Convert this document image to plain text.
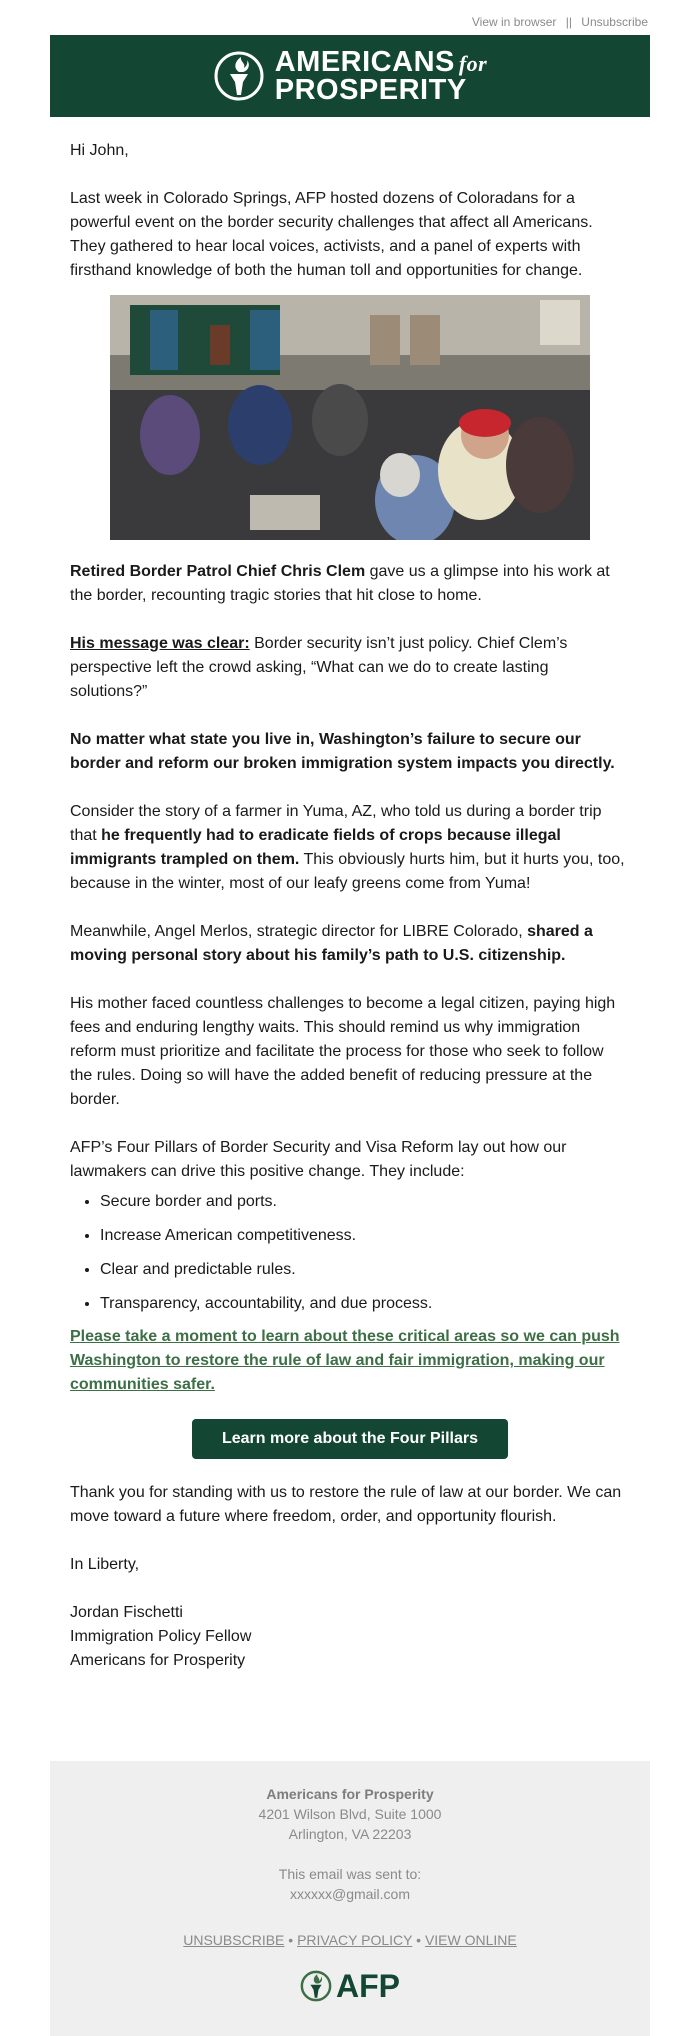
View in browser || Unsubscribe
AMERICANS for
PROSPERITY

Hi John,

Last week in Colorado Springs, AFP hosted dozens of Coloradans for a powerful event on the border security challenges that affect all Americans. They gathered to hear local voices, activists, and a panel of experts with firsthand knowledge of both the human toll and opportunities for change.

Retired Border Patrol Chief Chris Clem gave us a glimpse into his work at the border, recounting tragic stories that hit close to home.

His message was clear: Border security isn’t just policy. Chief Clem’s perspective left the crowd asking, “What can we do to create lasting solutions?”

No matter what state you live in, Washington’s failure to secure our border and reform our broken immigration system impacts you directly.

Consider the story of a farmer in Yuma, AZ, who told us during a border trip that he frequently had to eradicate fields of crops because illegal immigrants trampled on them. This obviously hurts him, but it hurts you, too, because in the winter, most of our leafy greens come from Yuma!

Meanwhile, Angel Merlos, strategic director for LIBRE Colorado, shared a moving personal story about his family’s path to U.S. citizenship.

His mother faced countless challenges to become a legal citizen, paying high fees and enduring lengthy waits. This should remind us why immigration reform must prioritize and facilitate the process for those who seek to follow the rules. Doing so will have the added benefit of reducing pressure at the border.

AFP’s Four Pillars of Border Security and Visa Reform lay out how our lawmakers can drive this positive change. They include:

• Secure border and ports.
• Increase American competitiveness.
• Clear and predictable rules.
• Transparency, accountability, and due process.

Please take a moment to learn about these critical areas so we can push Washington to restore the rule of law and fair immigration, making our communities safer.

Learn more about the Four Pillars

Thank you for standing with us to restore the rule of law at our border. We can move toward a future where freedom, order, and opportunity flourish.

In Liberty,

Jordan Fischetti

Immigration Policy Fellow

Americans for Prosperity

Americans for Prosperity
4201 Wilson Blvd, Suite 1000
Arlington, VA 22203
This email was sent to:
xxxxxx@gmail.com
UNSUBSCRIBE • PRIVACY POLICY • VIEW ONLINE
AFP
